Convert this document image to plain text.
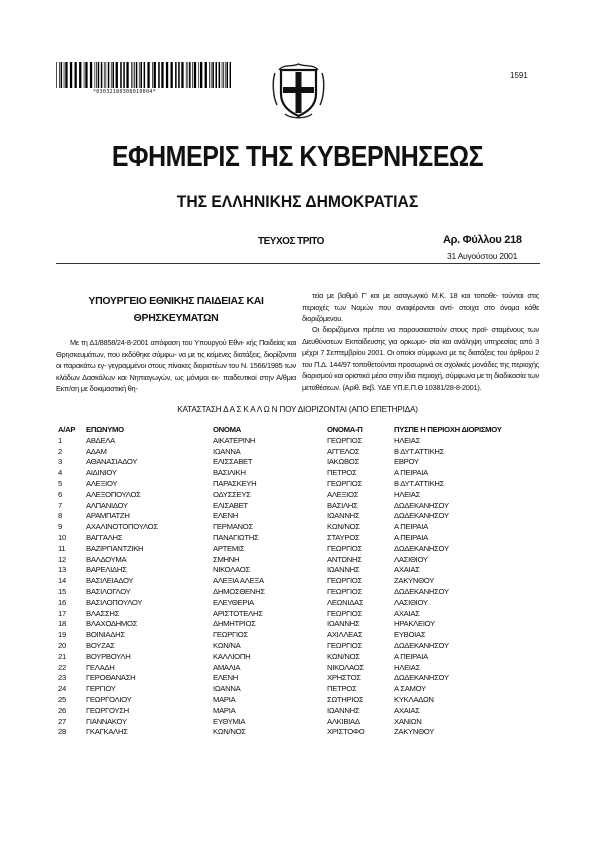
*03032180308010004*
1591
ΕΦΗΜΕΡΙΣ ΤΗΣ ΚΥΒΕΡΝΗΣΕΩΣ
ΤΗΣ ΕΛΛΗΝΙΚΗΣ ΔΗΜΟΚΡΑΤΙΑΣ
ΤΕΥΧΟΣ ΤΡΙΤΟ	Αρ. Φύλλου 218
31 Αυγούστου 2001
ΥΠΟΥΡΓΕΙΟ ΕΘΝΙΚΗΣ ΠΑΙΔΕΙΑΣ ΚΑΙ
ΘΡΗΣΚΕΥΜΑΤΩΝ
Με τη Δ1/8858/24-8-2001 απόφαση του Υπουργού Εθνι- κής Παιδείας και Θρησκευμάτων, που εκδόθηκε σύμφω- να με τις κείμενες διατάξεις, διορίζονται οι παρακάτω εγ- γεγραμμένοι στους πίνακες διοριστέων του Ν. 1566/1985 των κλάδων Δασκάλων και Νηπιαγωγών, ως μόνιμοι εκ- παιδευτικοί στην Α/θμια Εκπ/ση με δοκιμαστική θη-
τεία με βαθμό Γ' και με εισαγωγικό Μ.Κ. 18 και τοποθε- τούνται στις περιοχές των Νομών που αναφέρονται αντί- στοιχα στο όνομα κάθε διοριζόμενου.
Οι διοριζόμενοι πρέπει να παρουσιαστούν στους προϊ- σταμένους των Διευθύνσεων Εκπαίδευσης για ορκωμο- σία και ανάληψη υπηρεσίας από 3 μέχρι 7 Σεπτεμβρίου 2001. Οι οποίοι σύμφωνα με τις διατάξεις του άρθρου 2 του Π.Δ. 144/97 τοποθετούνται προσωρινά σε σχολικές μονάδες της περιοχής διορισμού και οριστικά μέσα στην ίδια περιοχή, σύμφωνα με τη διαδικασία των μεταθέσεων. (Αριθ. Βεβ. ΥΔΕ ΥΠ.Ε.Π.Θ 10381/28-8-2001).
ΚΑΤΑΣΤΑΣΗ Δ Α Σ Κ Α Λ Ω Ν ΠΟΥ ΔΙΟΡΙΖΟΝΤΑΙ (ΑΠΟ ΕΠΕΤΗΡΙΔΑ)
Α/ΑΡ	ΕΠΩΝΥΜΟ	ΟΝΟΜΑ	ΟΝΟΜΑ-Π	ΠΥΣΠΕ Η ΠΕΡΙΟΧΗ ΔΙΟΡΙΣΜΟΥ
1	ΑΒΔΕΛΑ	ΑΙΚΑΤΕΡΙΝΗ	ΓΕΩΡΓΙΟΣ	ΗΛΕΙΑΣ
2	ΑΔΑΜ	ΙΩΑΝΝΑ	ΑΓΓΕΛΟΣ	Β ΔΥΤ.ΑΤΤΙΚΗΣ
3	ΑΘΑΝΑΣΙΑΔΟΥ	ΕΛΙΣΣΑΒΕΤ	ΙΑΚΩΒΟΣ	ΕΒΡΟΥ
4	ΑΙΔΙΝΙΟΥ	ΒΑΣΙΛΙΚΗ	ΠΕΤΡΟΣ	Α ΠΕΙΡΑΙΑ
5	ΑΛΕΞΙΟΥ	ΠΑΡΑΣΚΕΥΗ	ΓΕΩΡΓΙΟΣ	Β ΔΥΤ.ΑΤΤΙΚΗΣ
6	ΑΛΕΞΟΠΟΥΛΟΣ	ΟΔΥΣΣΕΥΣ	ΑΛΕΞΙΟΣ	ΗΛΕΙΑΣ
7	ΑΛΠΑΝΙΔΟΥ	ΕΛΙΣΑΒΕΤ	ΒΑΣΙΛΗΣ	ΔΩΔΕΚΑΝΗΣΟΥ
8	ΑΡΑΜΠΑΤΖΗ	ΕΛΕΝΗ	ΙΩΑΝΝΗΣ	ΔΩΔΕΚΑΝΗΣΟΥ
9	ΑΧΑΛΙΝΟΤΟΠΟΥΛΟΣ	ΓΕΡΜΑΝΟΣ	ΚΩΝ/ΝΟΣ	Α ΠΕΙΡΑΙΑ
10	ΒΑΓΓΑΛΗΣ	ΠΑΝΑΓΙΩΤΗΣ	ΣΤΑΥΡΟΣ	Α ΠΕΙΡΑΙΑ
11	ΒΑΖΙΡΓΙΑΝΤΖΙΚΗ	ΑΡΤΕΜΙΣ	ΓΕΩΡΓΙΟΣ	ΔΩΔΕΚΑΝΗΣΟΥ
12	ΒΑΛΔΟΥΜΑ	ΣΜΗΝΗ	ΑΝΤΩΝΗΣ	ΛΑΣΙΘΙΟΥ
13	ΒΑΡΕΛΙΔΗΣ	ΝΙΚΟΛΑΟΣ	ΙΩΑΝΝΗΣ	ΑΧΑΙΑΣ
14	ΒΑΣΙΛΕΙΑΔΟΥ	ΑΛΕΞΙΑ ΑΛΕΞΑ	ΓΕΩΡΓΙΟΣ	ΖΑΚΥΝΘΟΥ
15	ΒΑΣΙΛΟΓΛΟΥ	ΔΗΜΟΣΘΕΝΗΣ	ΓΕΩΡΓΙΟΣ	ΔΩΔΕΚΑΝΗΣΟΥ
16	ΒΑΣΙΛΟΠΟΥΛΟΥ	ΕΛΕΥΘΕΡΙΑ	ΛΕΩΝΙΔΑΣ	ΛΑΣΙΘΙΟΥ
17	ΒΛΑΣΣΗΣ	ΑΡΙΣΤΟΤΕΛΗΣ	ΓΕΩΡΓΙΟΣ	ΑΧΑΙΑΣ
18	ΒΛΑΧΟΔΗΜΟΣ	ΔΗΜΗΤΡΙΟΣ	ΙΩΑΝΝΗΣ	ΗΡΑΚΛΕΙΟΥ
19	ΒΟΙΝΙΑΔΗΣ	ΓΕΩΡΓΙΟΣ	ΑΧΙΛΛΕΑΣ	ΕΥΒΟΙΑΣ
20	ΒΟΥΖΑΣ	ΚΩΝ/ΝΑ	ΓΕΩΡΓΙΟΣ	ΔΩΔΕΚΑΝΗΣΟΥ
21	ΒΟΥΡΒΟΥΛΗ	ΚΑΛΛΙΟΠΗ	ΚΩΝ/ΝΟΣ	Α ΠΕΙΡΑΙΑ
22	ΓΕΛΑΔΗ	ΑΜΑΛΙΑ	ΝΙΚΟΛΑΟΣ	ΗΛΕΙΑΣ
23	ΓΕΡΟΘΑΝΑΣΗ	ΕΛΕΝΗ	ΧΡΗΣΤΟΣ	ΔΩΔΕΚΑΝΗΣΟΥ
24	ΓΕΡΓΙΟΥ	ΙΩΑΝΝΑ	ΠΕΤΡΟΣ	Α ΣΑΜΟΥ
25	ΓΕΩΡΓΟΛΙΟΥ	ΜΑΡΙΑ	ΣΩΤΗΡΙΟΣ	ΚΥΚΛΑΔΩΝ
26	ΓΕΩΡΓΟΥΣΗ	ΜΑΡΙΑ	ΙΩΑΝΝΗΣ	ΑΧΑΙΑΣ
27	ΓΙΑΝΝΑΚΟΥ	ΕΥΘΥΜΙΑ	ΑΛΚΙΒΙΑΔ	ΧΑΝΙΩΝ
28	ΓΚΑΓΚΑΛΗΣ	ΚΩΝ/ΝΟΣ	ΧΡΙΣΤΟΦΟ	ΖΑΚΥΝΘΟΥ
